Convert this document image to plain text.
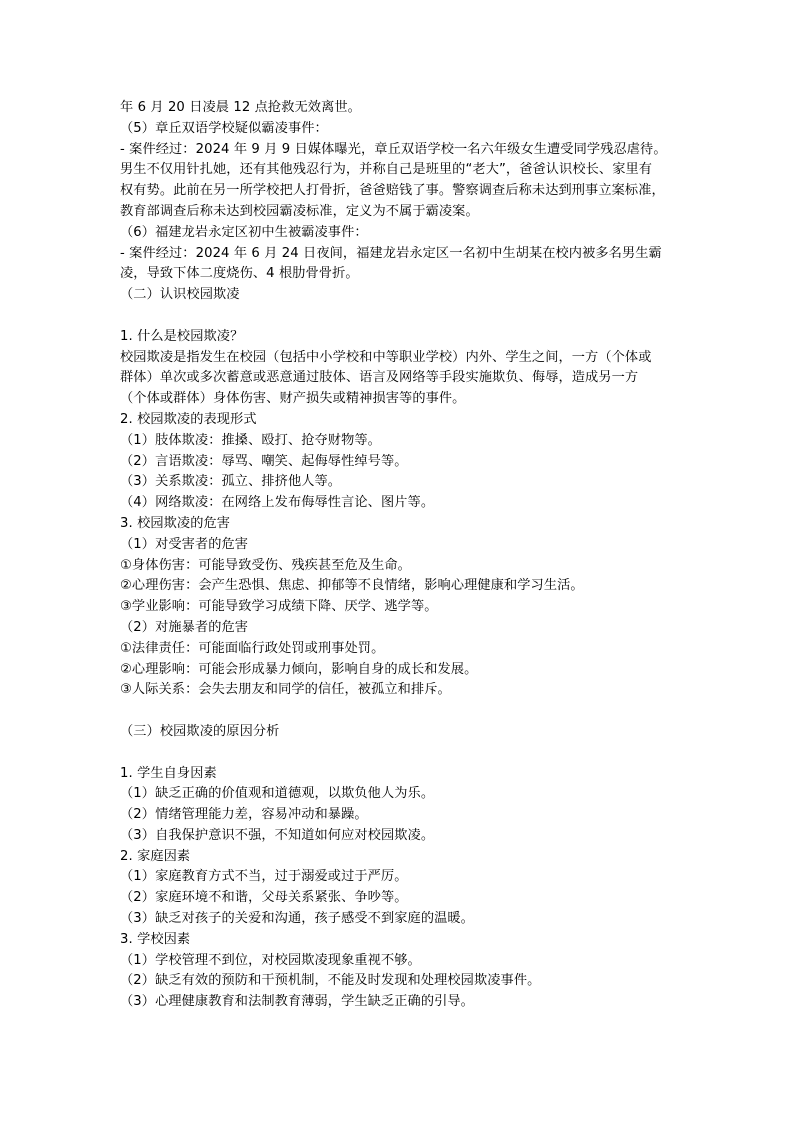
年 6 月 20 日凌晨 12 点抢救无效离世。
（5）章丘双语学校疑似霸凌事件：
- 案件经过：2024 年 9 月 9 日媒体曝光，章丘双语学校一名六年级女生遭受同学残忍虐待。
男生不仅用针扎她，还有其他残忍行为，并称自己是班里的“老大”，爸爸认识校长、家里有
权有势。此前在另一所学校把人打骨折，爸爸赔钱了事。警察调查后称未达到刑事立案标准，
教育部调查后称未达到校园霸凌标准，定义为不属于霸凌案。
（6）福建龙岩永定区初中生被霸凌事件：
- 案件经过：2024 年 6 月 24 日夜间，福建龙岩永定区一名初中生胡某在校内被多名男生霸
凌，导致下体二度烧伤、4 根肋骨骨折。
（二）认识校园欺凌
1. 什么是校园欺凌？
校园欺凌是指发生在校园（包括中小学校和中等职业学校）内外、学生之间，一方（个体或
群体）单次或多次蓄意或恶意通过肢体、语言及网络等手段实施欺负、侮辱，造成另一方
（个体或群体）身体伤害、财产损失或精神损害等的事件。
2. 校园欺凌的表现形式
（1）肢体欺凌：推搡、殴打、抢夺财物等。
（2）言语欺凌：辱骂、嘲笑、起侮辱性绰号等。
（3）关系欺凌：孤立、排挤他人等。
（4）网络欺凌：在网络上发布侮辱性言论、图片等。
3. 校园欺凌的危害
（1）对受害者的危害
①身体伤害：可能导致受伤、残疾甚至危及生命。
②心理伤害：会产生恐惧、焦虑、抑郁等不良情绪，影响心理健康和学习生活。
③学业影响：可能导致学习成绩下降、厌学、逃学等。
（2）对施暴者的危害
①法律责任：可能面临行政处罚或刑事处罚。
②心理影响：可能会形成暴力倾向，影响自身的成长和发展。
③人际关系：会失去朋友和同学的信任，被孤立和排斥。
（三）校园欺凌的原因分析
1. 学生自身因素
（1）缺乏正确的价值观和道德观，以欺负他人为乐。
（2）情绪管理能力差，容易冲动和暴躁。
（3）自我保护意识不强，不知道如何应对校园欺凌。
2. 家庭因素
（1）家庭教育方式不当，过于溺爱或过于严厉。
（2）家庭环境不和谐，父母关系紧张、争吵等。
（3）缺乏对孩子的关爱和沟通，孩子感受不到家庭的温暖。
3. 学校因素
（1）学校管理不到位，对校园欺凌现象重视不够。
（2）缺乏有效的预防和干预机制，不能及时发现和处理校园欺凌事件。
（3）心理健康教育和法制教育薄弱，学生缺乏正确的引导。
